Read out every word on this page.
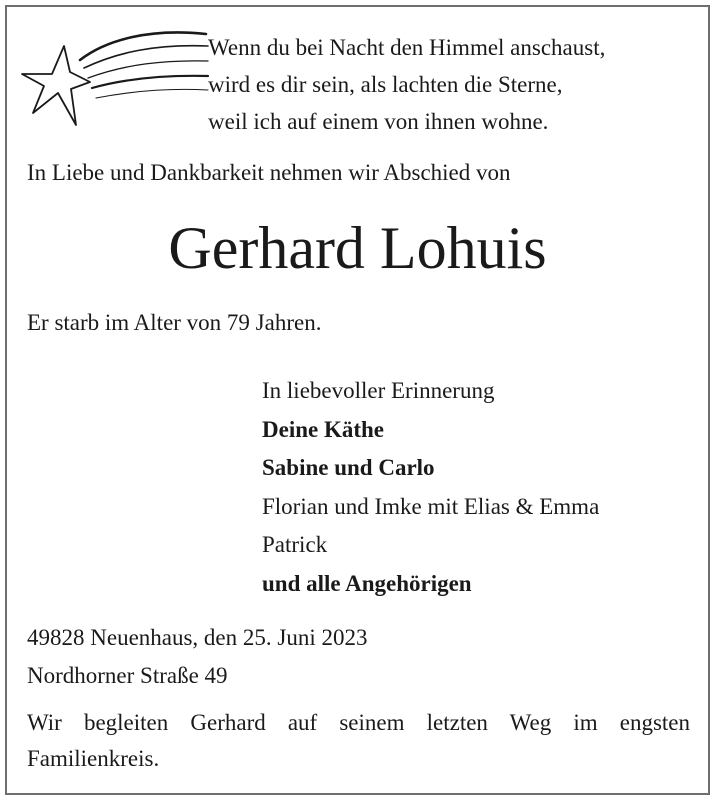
Wenn du bei Nacht den Himmel anschaust,
wird es dir sein, als lachten die Sterne,
weil ich auf einem von ihnen wohne.
In Liebe und Dankbarkeit nehmen wir Abschied von
Gerhard Lohuis
Er starb im Alter von 79 Jahren.
In liebevoller Erinnerung
Deine Käthe
Sabine und Carlo
Florian und Imke mit Elias & Emma
Patrick
und alle Angehörigen
49828 Neuenhaus, den 25. Juni 2023
Nordhorner Straße 49
Wir begleiten Gerhard auf seinem letzten Weg im engsten
Familienkreis.
